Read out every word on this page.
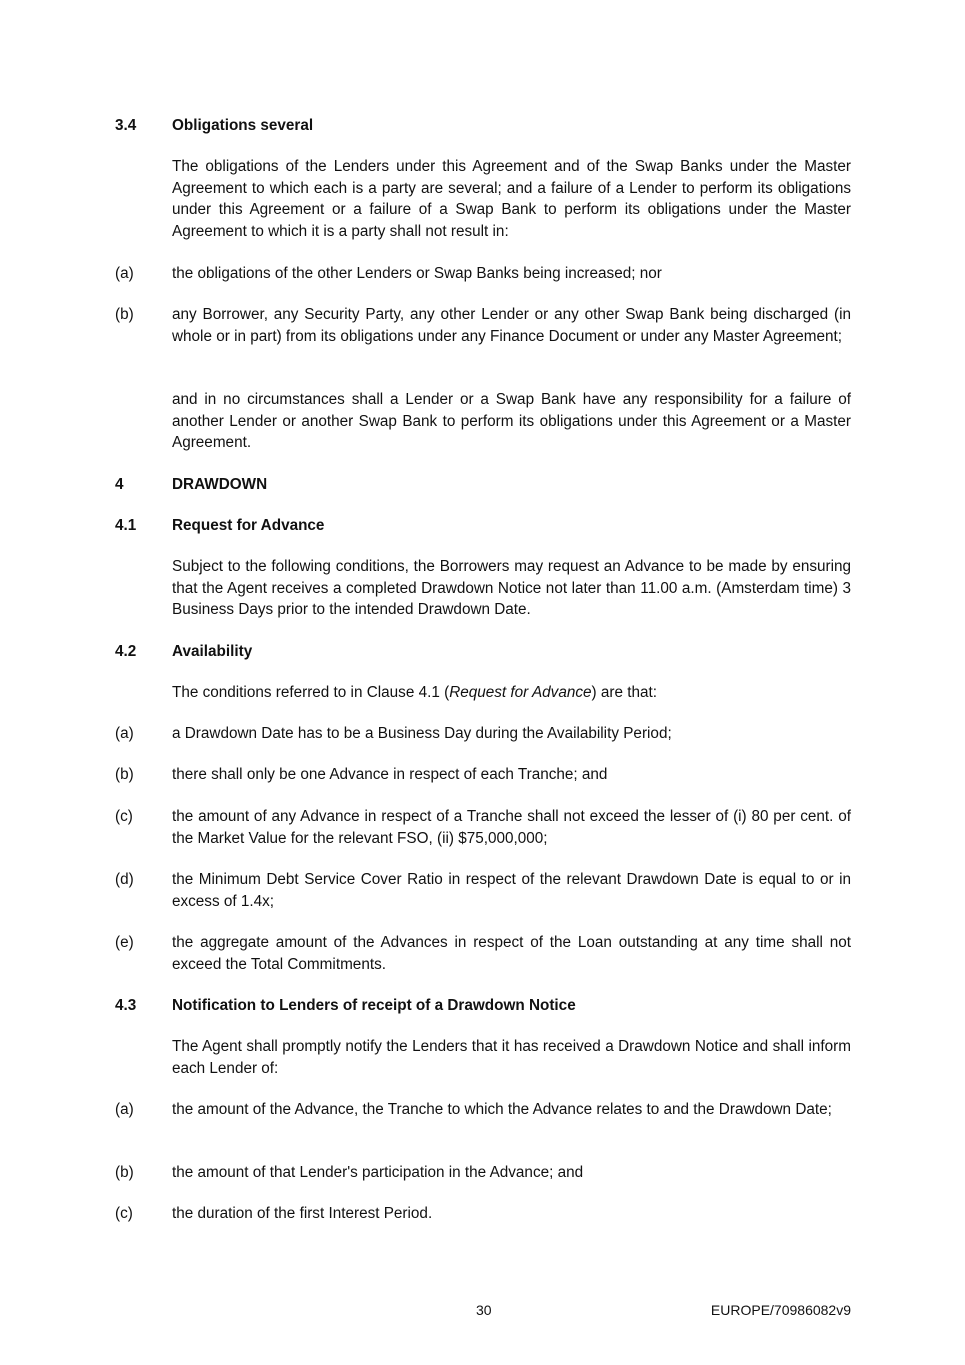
3.4 Obligations several
The obligations of the Lenders under this Agreement and of the Swap Banks under the Master Agreement to which each is a party are several; and a failure of a Lender to perform its obligations under this Agreement or a failure of a Swap Bank to perform its obligations under the Master Agreement to which it is a party shall not result in:
(a)	the obligations of the other Lenders or Swap Banks being increased; nor
(b)	any Borrower, any Security Party, any other Lender or any other Swap Bank being discharged (in whole or in part) from its obligations under any Finance Document or under any Master Agreement;
and in no circumstances shall a Lender or a Swap Bank have any responsibility for a failure of another Lender or another Swap Bank to perform its obligations under this Agreement or a Master Agreement.
4	DRAWDOWN
4.1 Request for Advance
Subject to the following conditions, the Borrowers may request an Advance to be made by ensuring that the Agent receives a completed Drawdown Notice not later than 11.00 a.m. (Amsterdam time) 3 Business Days prior to the intended Drawdown Date.
4.2 Availability
The conditions referred to in Clause 4.1 (Request for Advance) are that:
(a)	a Drawdown Date has to be a Business Day during the Availability Period;
(b)	there shall only be one Advance in respect of each Tranche; and
(c)	the amount of any Advance in respect of a Tranche shall not exceed the lesser of (i) 80 per cent. of the Market Value for the relevant FSO, (ii) $75,000,000;
(d)	the Minimum Debt Service Cover Ratio in respect of the relevant Drawdown Date is equal to or in excess of 1.4x;
(e)	the aggregate amount of the Advances in respect of the Loan outstanding at any time shall not exceed the Total Commitments.
4.3 Notification to Lenders of receipt of a Drawdown Notice
The Agent shall promptly notify the Lenders that it has received a Drawdown Notice and shall inform each Lender of:
(a)	the amount of the Advance, the Tranche to which the Advance relates to and the Drawdown Date;
(b)	the amount of that Lender's participation in the Advance; and
(c)	the duration of the first Interest Period.
30	EUROPE/70986082v9
